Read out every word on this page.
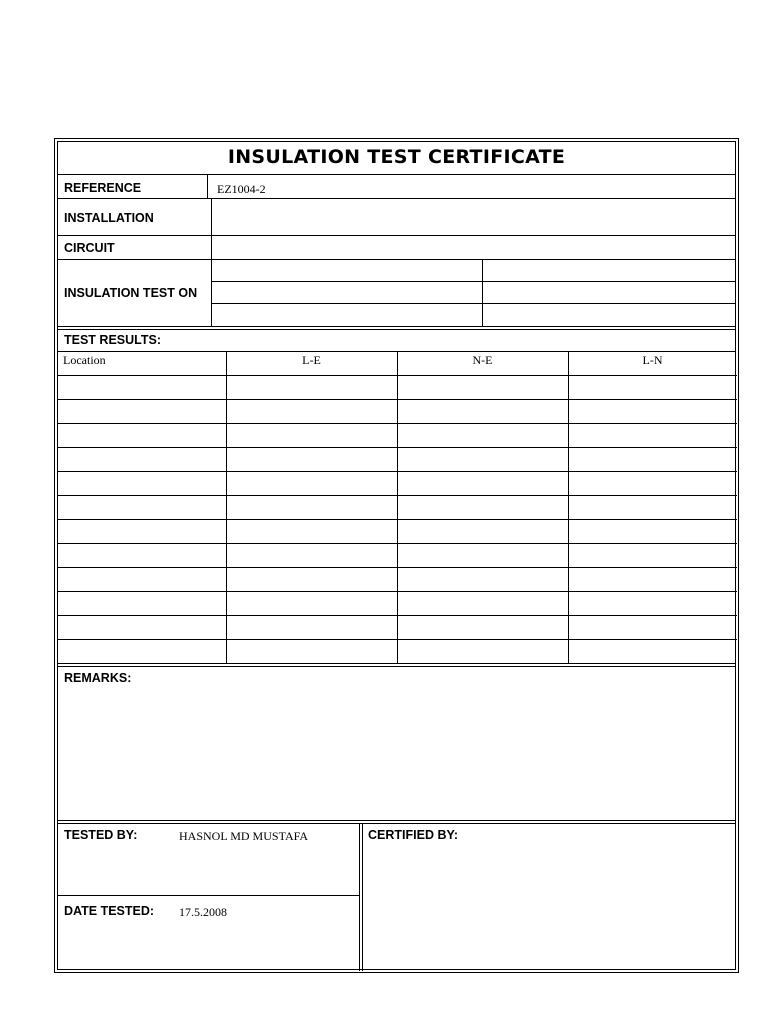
INSULATION TEST CERTIFICATE
REFERENCE	EZ1004-2
INSTALLATION
CIRCUIT
INSULATION TEST ON
TEST RESULTS:
Location	L-E	N-E	L-N
REMARKS:
TESTED BY:	HASNOL MD MUSTAFA
DATE TESTED: 17.5.2008
CERTIFIED BY:
